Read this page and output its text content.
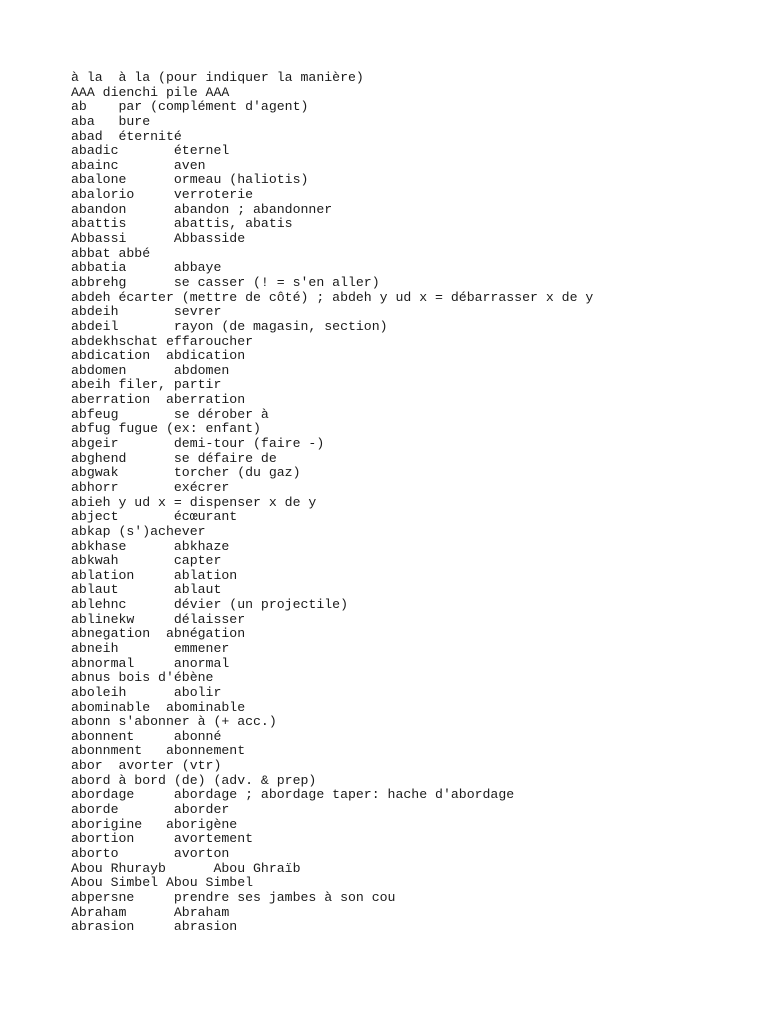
à la  à la (pour indiquer la manière)
AAA dienchi pile AAA
ab    par (complément d'agent)
aba   bure
abad  éternité
abadic       éternel
abainc       aven
abalone      ormeau (haliotis)
abalorio     verroterie
abandon      abandon ; abandonner
abattis      abattis, abatis
Abbassi      Abbasside
abbat abbé
abbatia      abbaye
abbrehg      se casser (! = s'en aller)
abdeh écarter (mettre de côté) ; abdeh y ud x = débarrasser x de y
abdeih       sevrer
abdeil       rayon (de magasin, section)
abdekhschat effaroucher
abdication  abdication
abdomen      abdomen
abeih filer, partir
aberration  aberration
abfeug       se dérober à
abfug fugue (ex: enfant)
abgeir       demi-tour (faire -)
abghend      se défaire de
abgwak       torcher (du gaz)
abhorr       exécrer
abieh y ud x = dispenser x de y
abject       écœurant
abkap (s')achever
abkhase      abkhaze
abkwah       capter
ablation     ablation
ablaut       ablaut
ablehnc      dévier (un projectile)
ablinekw     délaisser
abnegation  abnégation
abneih       emmener
abnormal     anormal
abnus bois d'ébène
aboleih      abolir
abominable  abominable
abonn s'abonner à (+ acc.)
abonnent     abonné
abonnment   abonnement
abor  avorter (vtr)
abord à bord (de) (adv. & prep)
abordage     abordage ; abordage taper: hache d'abordage
aborde       aborder
aborigine   aborigène
abortion     avortement
aborto       avorton
Abou Rhurayb      Abou Ghraïb
Abou Simbel Abou Simbel
abpersne     prendre ses jambes à son cou
Abraham      Abraham
abrasion     abrasion
